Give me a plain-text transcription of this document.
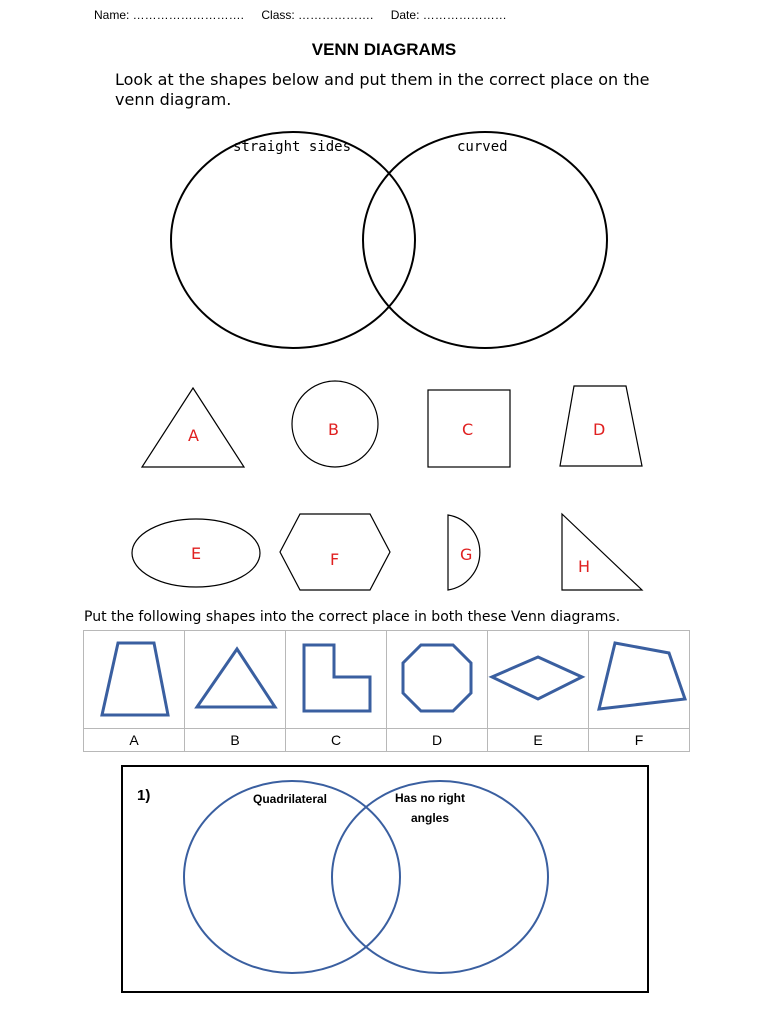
Name: ………………………. Class: ………………. Date: …………………
VENN DIAGRAMS
Look at the shapes below and put them in the correct place on the venn diagram.
straight sides	curved
A	B	C	D
E	F	G
H
Put the following shapes into the correct place in both these Venn diagrams.

A	B	C	D	E	F
1)	Quadrilateral	Has no right angles
